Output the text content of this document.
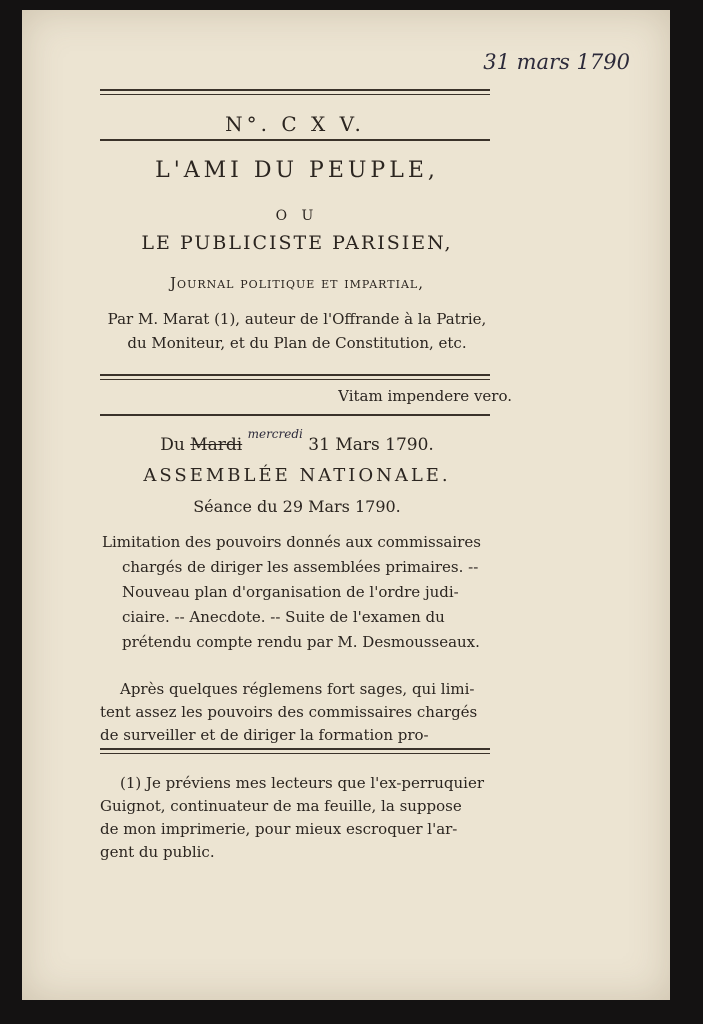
31 mars 1790
N°. C X V.
L'AMI DU PEUPLE,
O U
LE PUBLICISTE PARISIEN,
Journal politique et impartial,
Par M. Marat (1), auteur de l'Offrande à la Patrie,
du Moniteur, et du Plan de Constitution, etc.
Vitam impendere vero.
Du Mardi $^{mercredi}$ 31 Mars 1790.
ASSEMBLÉE NATIONALE.
Séance du 29 Mars 1790.
Limitation des pouvoirs donnés aux commissaires
chargés de diriger les assemblées primaires. --
Nouveau plan d'organisation de l'ordre judi-
ciaire. -- Anecdote. -- Suite de l'examen du
prétendu compte rendu par M. Desmousseaux.
Après quelques réglemens fort sages, qui limi-
tent assez les pouvoirs des commissaires chargés
de surveiller et de diriger la formation pro-
(1) Je préviens mes lecteurs que l'ex-perruquier
Guignot, continuateur de ma feuille, la suppose
de mon imprimerie, pour mieux escroquer l'ar-
gent du public.
